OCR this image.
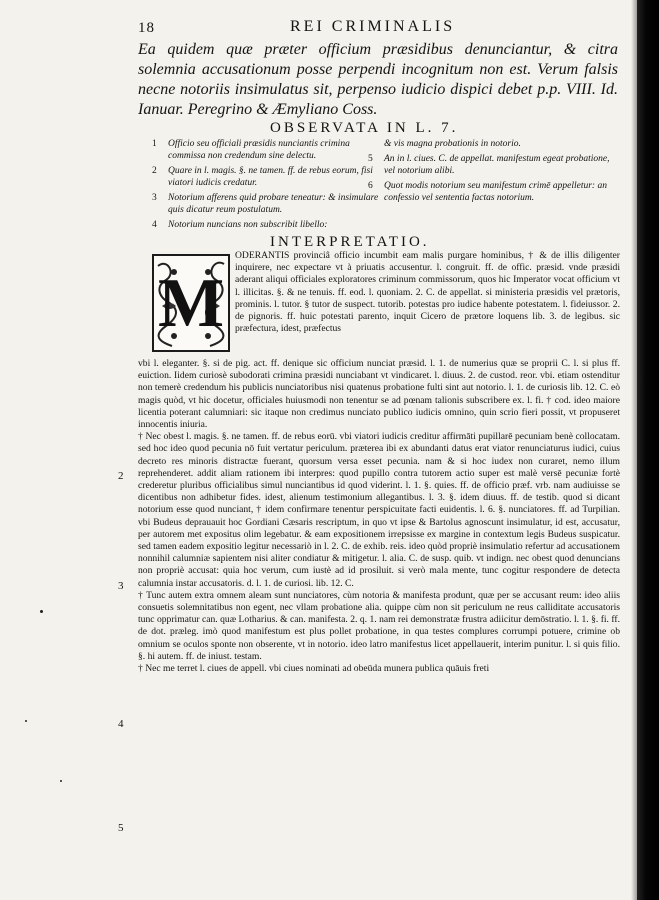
18	REI CRIMINALIS
Ea quidem quæ præter officium præsidibus denunciantur, & citra solemnia accusationum posse perpendi incognitum non est. Verum falsis necne notoriis insimulatus sit, perpenso iudicio dispici debet p.p. VIII. Id. Ianuar. Peregrino & Æmyliano Coss.
OBSERVATA IN L. 7.
1	Officio seu officiali præsidis nunciantis crimina commissa non credendum sine delectu.
2	Quare in l. magis. §. ne tamen. ff. de rebus eorum, fisi viatori iudicis credatur.
3	Notorium afferens quid probare teneatur: & insimulare quis dicatur reum postulatum.
4	Notorium nuncians non subscribit libello:
& vis magna probationis in notorio.
5	An in l. ciues. C. de appellat. manifestum egeat probatione, vel notorium alibi.
6	Quot modis notorium seu manifestum crimē appelletur: an confessio vel sententia factas notorium.
INTERPRETATIO.
M
ODERANTIS provinciâ officio incumbit eam malis purgare hominibus, † & de illis diligenter inquirere, nec expectare vt à priuatis accusentur. l. congruit. ff. de offic. præsid. vnde præsidi aderant aliqui officiales exploratores criminum commissorum, quos hic Imperator vocat officium vt l. illicitas. §. & ne tenuis. ff. eod. l. quoniam. 2. C. de appellat. si ministeria præsidis vel prætoris, prominis. l. tutor. § tutor de suspect. tutorib. potestas pro iudice habente potestatem. l. fideiussor. 2. de pignoris. ff. huic potestati parento, inquit Cicero de prætore loquens lib. 3. de legibus. sic præfectura, idest, præfectus

vbi l. eleganter. §. si de pig. act. ff. denique sic officium nunciat præsid. l. 1. de numerius quæ se proprii C. l. si plus ff. euiction. Iidem curiosè subodorati crimina præsidi nunciabant vt vindicaret. l. diuus. 2. de custod. reor. vbi. etiam ostenditur non temerè credendum his publicis nunciatoribus nisi quatenus probatione fulti sint aut notorio. l. 1. de curiosis lib. 12. C. eò magis quòd, vt hic docetur, officiales huiusmodi non tenentur se ad pœnam talionis subscribere ex. l. fi. † cod. ideo maiore licentia poterant calumniari: sic itaque non credimus nunciato publico iudicis omnino, quin scrio fieri possit, vt propuseret innocentis iniuria.

† Nec obest l. magis. §. ne tamen. ff. de rebus eorū. vbi viatori iudicis creditur affirmāti pupillarē pecuniam benè collocatam. sed hoc ideo quod pecunia nō fuit vertatur periculum. præterea ibi ex abundanti datus erat viator renunciaturus iudici, cuius decreto res minoris distractæ fuerant, quorsum versa esset pecunia. nam & si hoc iudex non curaret, nemo illum reprehenderet. addit aliam rationem ibi interpres: quod pupillo contra tutorem actio super est malè versē pecuniæ fortè crederetur pluribus officialibus simul nunciantibus id quod viderint. l. 1. §. quies. ff. de officio præf. vrb. nam audiuisse se dicentibus non adhibetur fides. idest, alienum testimonium allegantibus. l. 3. §. idem diuus. ff. de testib. quod si dicant notorium esse quod nunciant, † idem confirmare tenentur perspicuitate facti euidentis. l. 6. §. nunciatores. ff. ad Turpilian. vbi Budeus deprauauit hoc Gordiani Cæsaris rescriptum, in quo vt ipse & Bartolus agnoscunt insimulatur, id est, accusatur, per autorem met expositus olim legebatur. & eam expositionem irrepsisse ex margine in contextum legis Budeus suspicatur. sed tamen eadem expositio legitur necessariò in l. 2. C. de exhib. reis. ideo quòd propriè insimulatio refertur ad accusationem nonnihil calumniæ sapientem nisi aliter condiatur & mitigetur. l. alia. C. de susp. quib. vt indign. nec obest quod denuncians non propriè accusat: quia hoc verum, cum iustè ad id prosiluit. si verò mala mente, tunc cogitur respondere de detecta calumnia instar accusatoris. d. l. 1. de curiosi. lib. 12. C.

† Tunc autem extra omnem aleam sunt nunciatores, cùm notoria & manifesta produnt, quæ per se accusant reum: ideo aliis consuetis solemnitatibus non egent, nec vllam probatione alia. quippe cùm non sit periculum ne reus calliditate accusatoris tunc opprimatur can. quæ Lotharius. & can. manifesta. 2. q. 1. nam rei demonstratæ frustra adiicitur demōstratio. l. 1. §. fi. ff. de dot. præleg. imò quod manifestum est plus pollet probatione, in qua testes complures corrumpi potuere, crimine ob omnium se oculos sponte non obserente, vt in notorio. ideo latro manifestus licet appellauerit, interim punitur. l. si quis filio. §. hi autem. ff. de iniust. testam.

† Nec me terret l. ciues de appell. vbi ciues nominati ad obeūda munera publica quāuis freti

2
3
4
5
